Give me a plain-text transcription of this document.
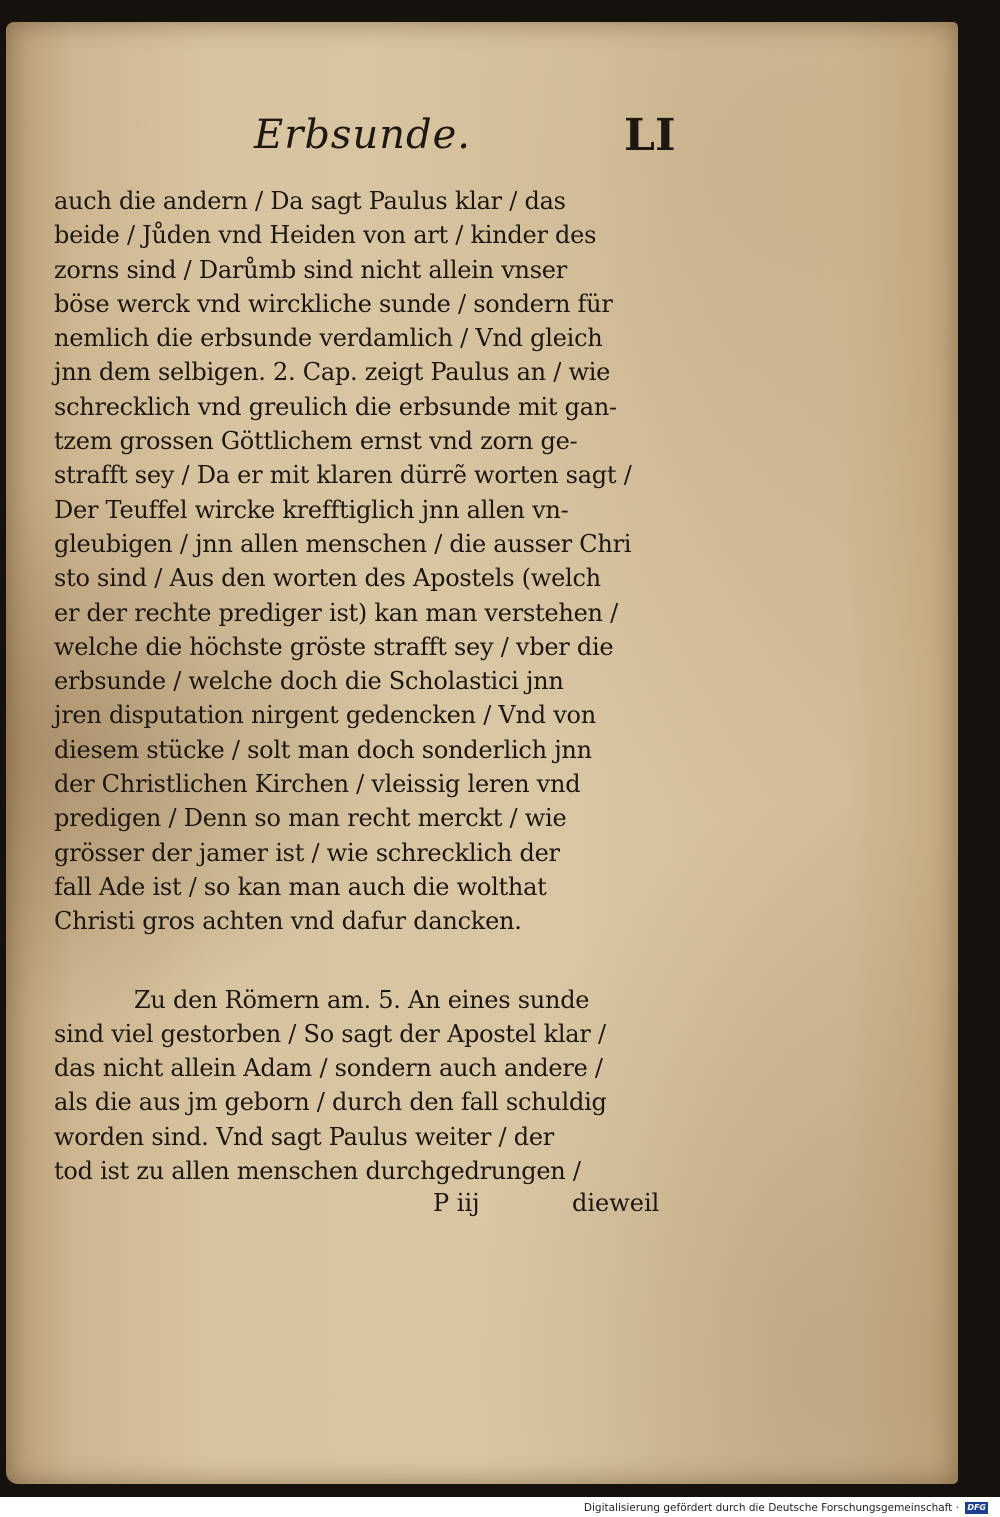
Erbsunde.	LI
auch die andern / Da sagt Paulus klar / das
beide / Jůden vnd Heiden von art / kinder des
zorns sind / Darůmb sind nicht allein vnser
böse werck vnd wirckliche sunde / sondern für
nemlich die erbsunde verdamlich / Vnd gleich
jnn dem selbigen. 2. Cap. zeigt Paulus an / wie
schrecklich vnd greulich die erbsunde mit gan-
tzem grossen Göttlichem ernst vnd zorn ge-
strafft sey / Da er mit klaren dürrẽ worten sagt /
Der Teuffel wircke krefftiglich jnn allen vn-
gleubigen / jnn allen menschen / die ausser Chri
sto sind / Aus den worten des Apostels (welch
er der rechte prediger ist) kan man verstehen /
welche die höchste gröste strafft sey / vber die
erbsunde / welche doch die Scholastici jnn
jren disputation nirgent gedencken / Vnd von
diesem stücke / solt man doch sonderlich jnn
der Christlichen Kirchen / vleissig leren vnd
predigen / Denn so man recht merckt / wie
grösser der jamer ist / wie schrecklich der
fall Ade ist / so kan man auch die wolthat
Christi gros achten vnd dafur dancken.
Zu den Römern am. 5. An eines sunde
sind viel gestorben / So sagt der Apostel klar /
das nicht allein Adam / sondern auch andere /
als die aus jm geborn / durch den fall schuldig
worden sind. Vnd sagt Paulus weiter / der
tod ist zu allen menschen durchgedrungen /
P iij	dieweil
Digitalisierung gefördert durch die Deutsche Forschungsgemeinschaft · DFG
